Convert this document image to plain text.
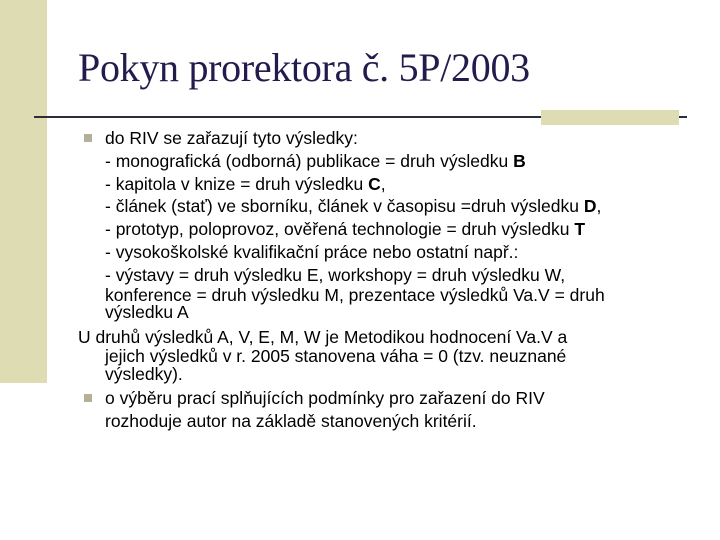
Pokyn prorektora č. 5P/2003
do RIV se zařazují tyto výsledky:
- monografická (odborná) publikace = druh výsledku B
- kapitola v knize = druh výsledku C,
- článek (stať) ve sborníku, článek v časopisu =druh výsledku D,
- prototyp, poloprovoz, ověřená technologie = druh výsledku T
- vysokoškolské kvalifikační práce nebo ostatní např.:
- výstavy = druh výsledku E, workshopy = druh výsledku W,
konference = druh výsledku M, prezentace výsledků Va.V = druh
výsledku A
U druhů výsledků A, V, E, M, W je Metodikou hodnocení Va.V a
jejich výsledků v r. 2005 stanovena váha = 0 (tzv. neuznané
výsledky).
o výběru prací splňujících podmínky pro zařazení do RIV
rozhoduje autor na základě stanovených kritérií.
